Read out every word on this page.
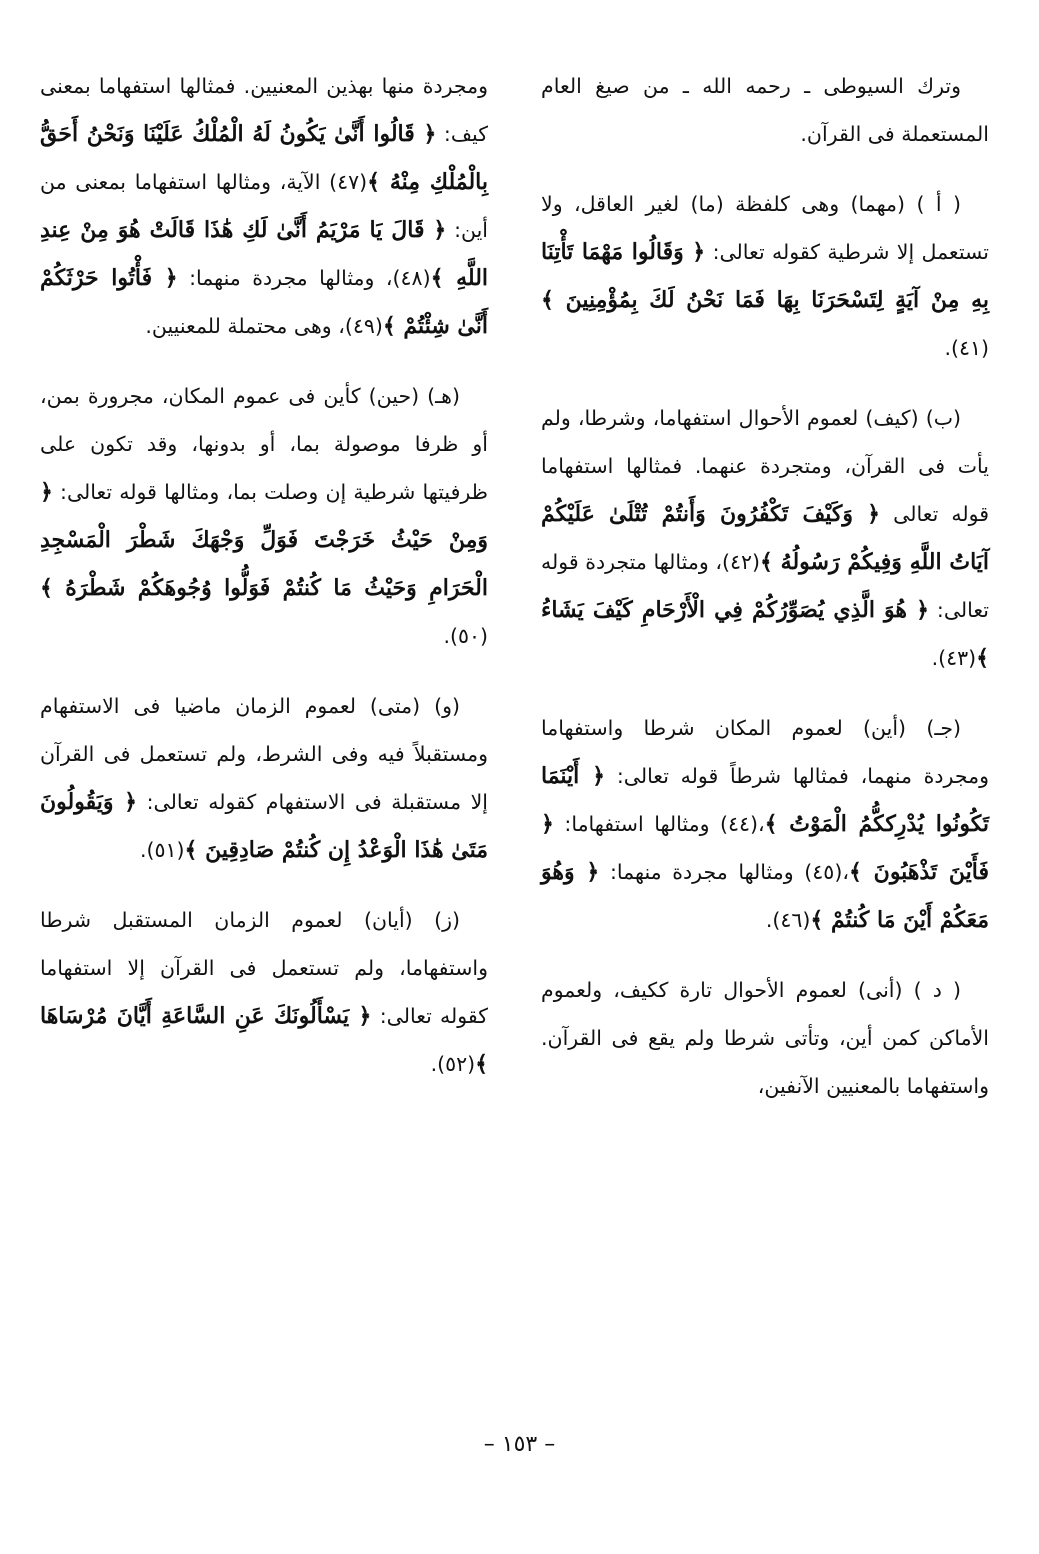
وترك السيوطى ـ رحمه الله ـ من صيغ العام المستعملة فى القرآن.

( أ ) (مهما) وهى كلفظة (ما) لغير العاقل، ولا تستعمل إلا شرطية كقوله تعالى: ﴿ وَقَالُوا مَهْمَا تَأْتِنَا بِهِ مِنْ آيَةٍ لِتَسْحَرَنَا بِهَا فَمَا نَحْنُ لَكَ بِمُؤْمِنِينَ ﴾(٤١).

(ب) (كيف) لعموم الأحوال استفهاما، وشرطا، ولم يأت فى القرآن، ومتجردة عنهما. فمثالها استفهاما قوله تعالى ﴿ وَكَيْفَ تَكْفُرُونَ وَأَنتُمْ تُتْلَىٰ عَلَيْكُمْ آيَاتُ اللَّهِ وَفِيكُمْ رَسُولُهُ ﴾(٤٢)، ومثالها متجردة قوله تعالى: ﴿ هُوَ الَّذِي يُصَوِّرُكُمْ فِي الْأَرْحَامِ كَيْفَ يَشَاءُ ﴾(٤٣).

(جـ) (أين) لعموم المكان شرطا واستفهاما ومجردة منهما، فمثالها شرطاً قوله تعالى: ﴿ أَيْنَمَا تَكُونُوا يُدْرِككُّمُ الْمَوْتُ ﴾،(٤٤) ومثالها استفهاما: ﴿ فَأَيْنَ تَذْهَبُونَ ﴾،(٤٥) ومثالها مجردة منهما: ﴿ وَهُوَ مَعَكُمْ أَيْنَ مَا كُنتُمْ ﴾(٤٦).

( د ) (أنى) لعموم الأحوال تارة ككيف، ولعموم الأماكن كمن أين، وتأتى شرطا ولم يقع فى القرآن. واستفهاما بالمعنيين الآنفين،

ومجردة منها بهذين المعنيين. فمثالها استفهاما بمعنى كيف: ﴿ قَالُوا أَنَّىٰ يَكُونُ لَهُ الْمُلْكُ عَلَيْنَا وَنَحْنُ أَحَقُّ بِالْمُلْكِ مِنْهُ ﴾(٤٧) الآية، ومثالها استفهاما بمعنى من أين: ﴿ قَالَ يَا مَرْيَمُ أَنَّىٰ لَكِ هَٰذَا قَالَتْ هُوَ مِنْ عِندِ اللَّهِ ﴾(٤٨)، ومثالها مجردة منهما: ﴿ فَأْتُوا حَرْثَكُمْ أَنَّىٰ شِئْتُمْ ﴾(٤٩)، وهى محتملة للمعنيين.

(هـ) (حين) كأين فى عموم المكان، مجرورة بمن، أو ظرفا موصولة بما، أو بدونها، وقد تكون على ظرفيتها شرطية إن وصلت بما، ومثالها قوله تعالى: ﴿ وَمِنْ حَيْثُ خَرَجْتَ فَوَلِّ وَجْهَكَ شَطْرَ الْمَسْجِدِ الْحَرَامِ وَحَيْثُ مَا كُنتُمْ فَوَلُّوا وُجُوهَكُمْ شَطْرَهُ ﴾(٥٠).

(و) (متى) لعموم الزمان ماضيا فى الاستفهام ومستقبلاً فيه وفى الشرط، ولم تستعمل فى القرآن إلا مستقبلة فى الاستفهام كقوله تعالى: ﴿ وَيَقُولُونَ مَتَىٰ هَٰذَا الْوَعْدُ إِن كُنتُمْ صَادِقِينَ ﴾(٥١).

(ز) (أيان) لعموم الزمان المستقبل شرطا واستفهاما، ولم تستعمل فى القرآن إلا استفهاما كقوله تعالى: ﴿ يَسْأَلُونَكَ عَنِ السَّاعَةِ أَيَّانَ مُرْسَاهَا ﴾(٥٢).

– ١٥٣ –
